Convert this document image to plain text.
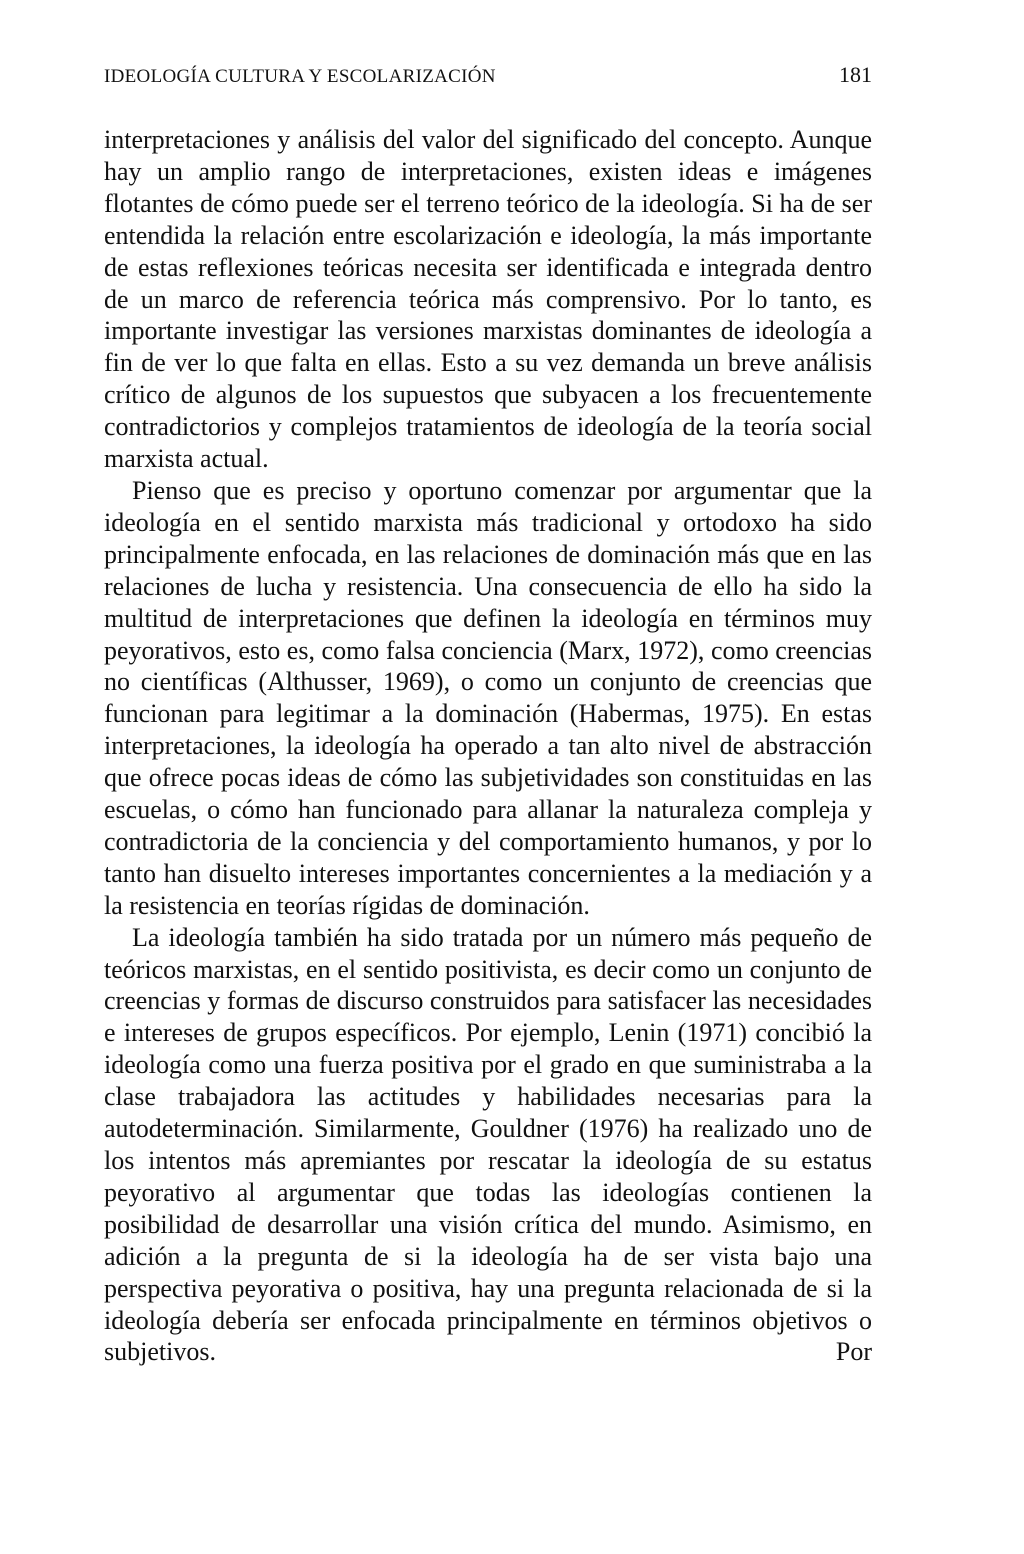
IDEOLOGÍA CULTURA Y ESCOLARIZACIÓN	181

interpretaciones y análisis del valor del significado del concepto. Aunque hay un amplio rango de interpretaciones, existen ideas e imágenes flotantes de cómo puede ser el terreno teórico de la ideología. Si ha de ser entendida la relación entre escolarización e ideología, la más importante de estas reflexiones teóricas necesita ser identificada e integrada dentro de un marco de referencia teórica más comprensivo. Por lo tanto, es importante investigar las versiones marxistas dominantes de ideología a fin de ver lo que falta en ellas. Esto a su vez demanda un breve análisis crítico de algunos de los supuestos que subyacen a los frecuentemente contradictorios y complejos tratamientos de ideología de la teoría social marxista actual.

Pienso que es preciso y oportuno comenzar por argumentar que la ideología en el sentido marxista más tradicional y ortodoxo ha sido principalmente enfocada, en las relaciones de dominación más que en las relaciones de lucha y resistencia. Una consecuencia de ello ha sido la multitud de interpretaciones que definen la ideología en términos muy peyorativos, esto es, como falsa conciencia (Marx, 1972), como creencias no científicas (Althusser, 1969), o como un conjunto de creencias que funcionan para legitimar a la dominación (Habermas, 1975). En estas interpretaciones, la ideología ha operado a tan alto nivel de abstracción que ofrece pocas ideas de cómo las subjetividades son constituidas en las escuelas, o cómo han funcionado para allanar la naturaleza compleja y contradictoria de la conciencia y del comportamiento humanos, y por lo tanto han disuelto intereses importantes concernientes a la mediación y a la resistencia en teorías rígidas de dominación.

La ideología también ha sido tratada por un número más pequeño de teóricos marxistas, en el sentido positivista, es decir como un conjunto de creencias y formas de discurso construidos para satisfacer las necesidades e intereses de grupos específicos. Por ejemplo, Lenin (1971) concibió la ideología como una fuerza positiva por el grado en que suministraba a la clase trabajadora las actitudes y habilidades necesarias para la autodeterminación. Similarmente, Gouldner (1976) ha realizado uno de los intentos más apremiantes por rescatar la ideología de su estatus peyorativo al argumentar que todas las ideologías contienen la posibilidad de desarrollar una visión crítica del mundo. Asimismo, en adición a la pregunta de si la ideología ha de ser vista bajo una perspectiva peyorativa o positiva, hay una pregunta relacionada de si la ideología debería ser enfocada principalmente en términos objetivos o subjetivos. Por
